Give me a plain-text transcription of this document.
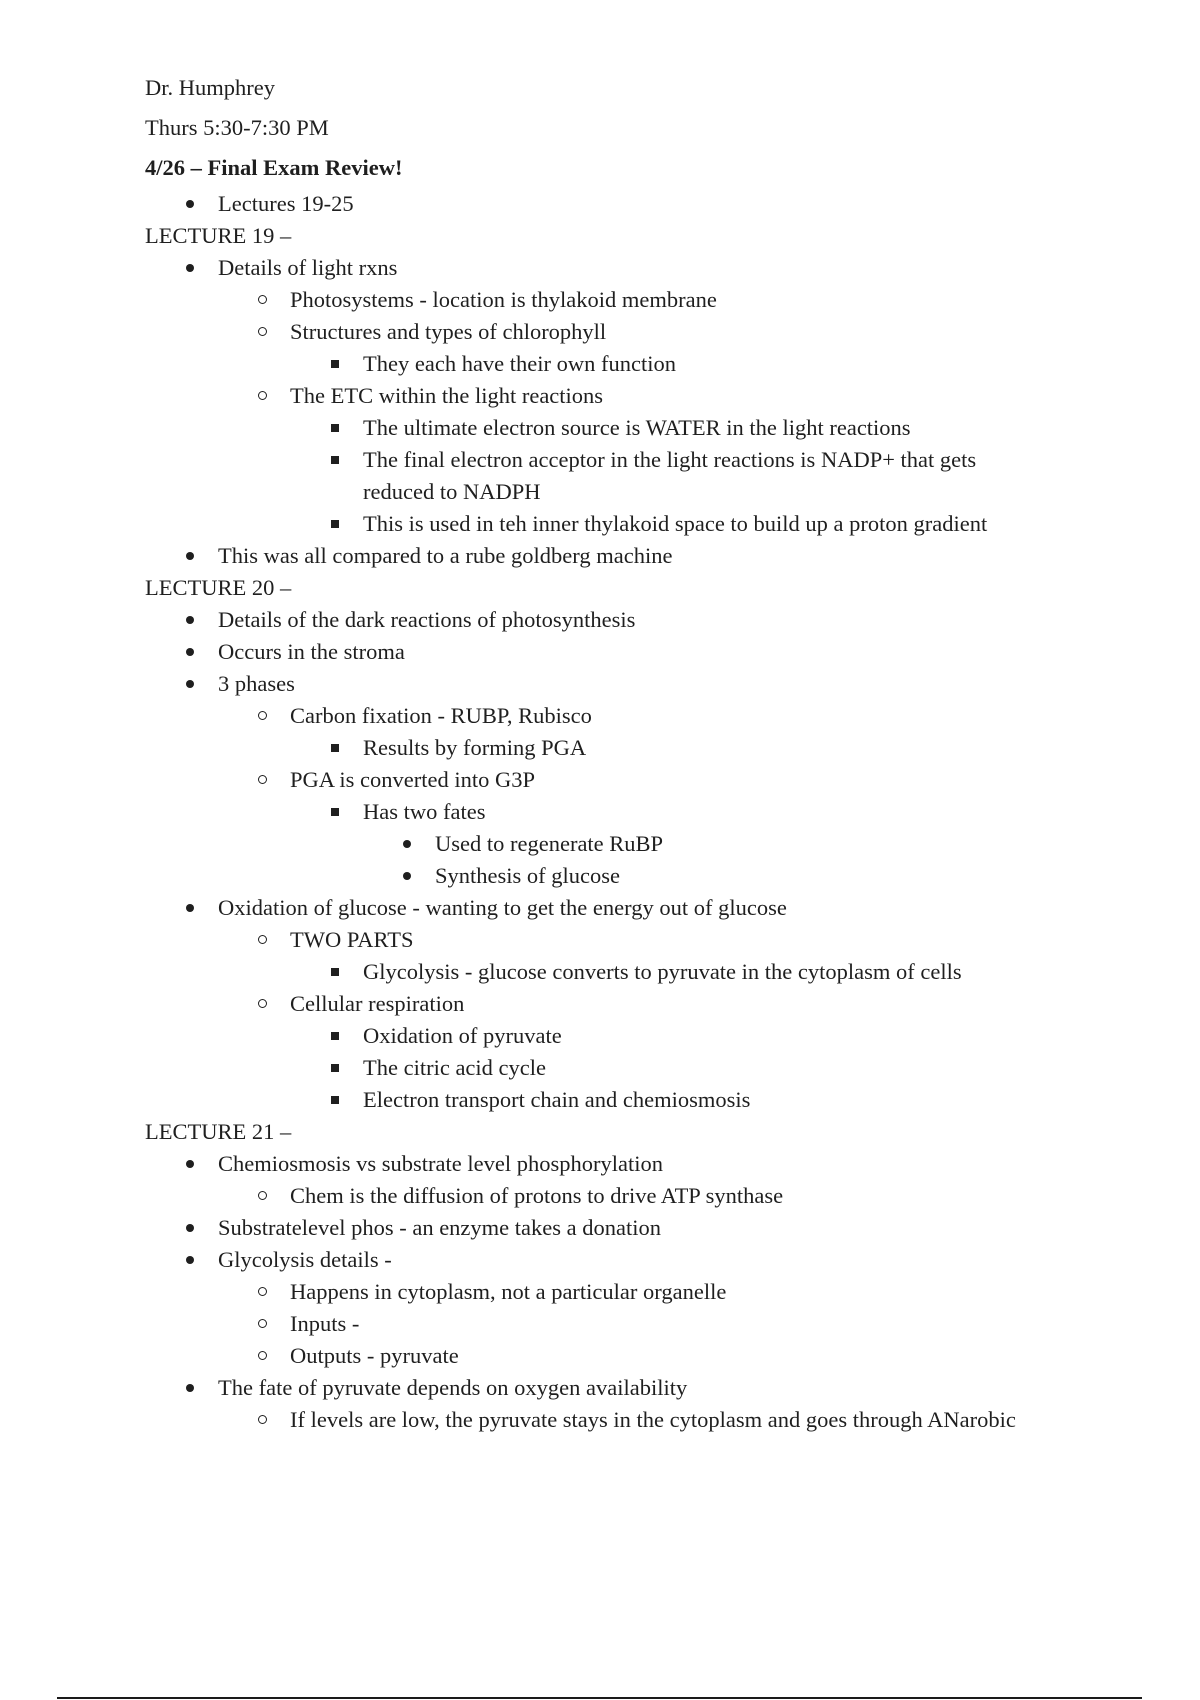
Dr. Humphrey
Thurs 5:30-7:30 PM
4/26 – Final Exam Review!
Lectures 19-25
LECTURE 19 –
Details of light rxns
Photosystems - location is thylakoid membrane
Structures and types of chlorophyll
They each have their own function
The ETC within the light reactions
The ultimate electron source is WATER in the light reactions
The final electron acceptor in the light reactions is NADP+ that gets
reduced to NADPH
This is used in teh inner thylakoid space to build up a proton gradient
This was all compared to a rube goldberg machine
LECTURE 20 –
Details of the dark reactions of photosynthesis
Occurs in the stroma
3 phases
Carbon fixation - RUBP, Rubisco
Results by forming PGA
PGA is converted into G3P
Has two fates
Used to regenerate RuBP
Synthesis of glucose
Oxidation of glucose - wanting to get the energy out of glucose
TWO PARTS
Glycolysis - glucose converts to pyruvate in the cytoplasm of cells
Cellular respiration
Oxidation of pyruvate
The citric acid cycle
Electron transport chain and chemiosmosis
LECTURE 21 –
Chemiosmosis vs substrate level phosphorylation
Chem is the diffusion of protons to drive ATP synthase
Substratelevel phos - an enzyme takes a donation
Glycolysis details -
Happens in cytoplasm, not a particular organelle
Inputs -
Outputs - pyruvate
The fate of pyruvate depends on oxygen availability
If levels are low, the pyruvate stays in the cytoplasm and goes through ANarobic
